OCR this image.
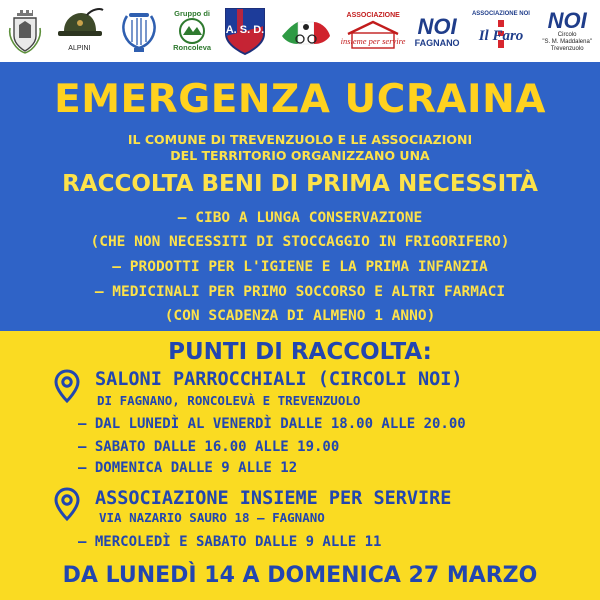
ALPINI
Gruppo di
Roncoleva
A. S. D.
ASSOCIAZIONE
insieme per servire
NOI
FAGNANO
ASSOCIAZIONE NOI
Il Faro
NOI
Circolo
"S. M. Maddalena"
Trevenzuolo
EMERGENZA UCRAINA
IL COMUNE DI TREVENZUOLO E LE ASSOCIAZIONI
DEL TERRITORIO ORGANIZZANO UNA
RACCOLTA BENI DI PRIMA NECESSITÀ
– CIBO A LUNGA CONSERVAZIONE
(CHE NON NECESSITI DI STOCCAGGIO IN FRIGORIFERO)
– PRODOTTI PER L'IGIENE E LA PRIMA INFANZIA
– MEDICINALI PER PRIMO SOCCORSO E ALTRI FARMACI
(CON SCADENZA DI ALMENO 1 ANNO)
PUNTI DI RACCOLTA:
SALONI PARROCCHIALI (CIRCOLI NOI)
DI FAGNANO, RONCOLEVÀ E TREVENZUOLO
– DAL LUNEDÌ AL VENERDÌ DALLE 18.00 ALLE 20.00
– SABATO DALLE 16.00 ALLE 19.00
– DOMENICA DALLE 9 ALLE 12
ASSOCIAZIONE INSIEME PER SERVIRE
VIA NAZARIO SAURO 18 – FAGNANO
– MERCOLEDÌ E SABATO DALLE 9 ALLE 11
DA LUNEDÌ 14 A DOMENICA 27 MARZO
